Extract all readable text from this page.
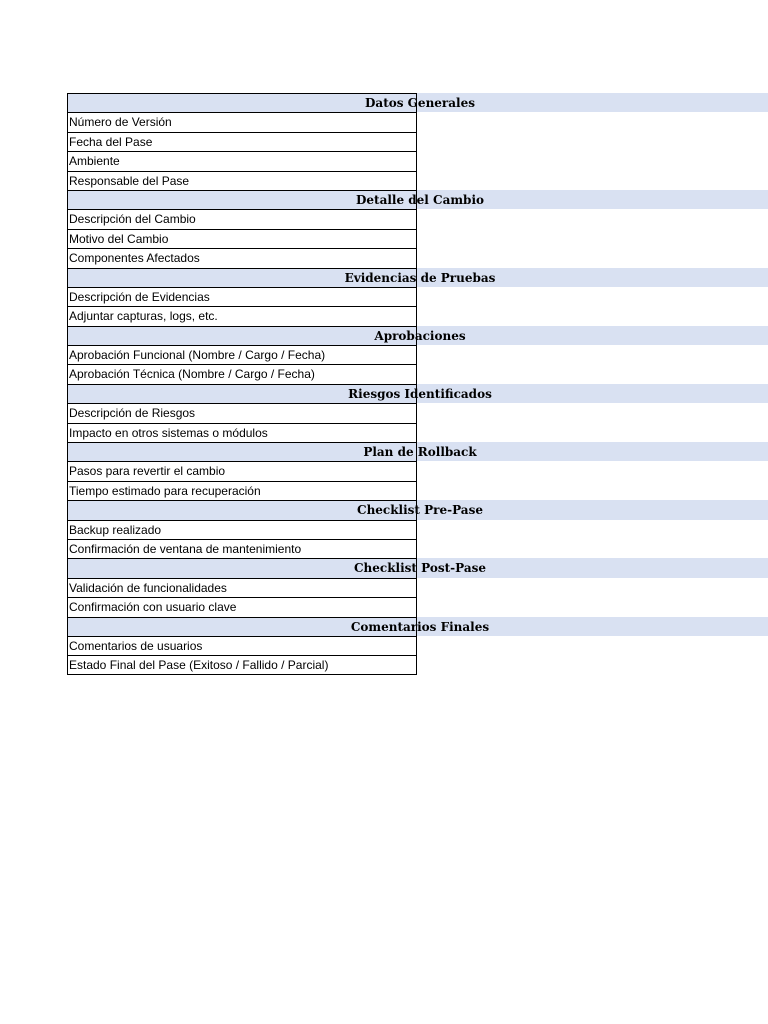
Datos Generales
Número de Versión
Fecha del Pase
Ambiente
Responsable del Pase
Detalle del Cambio
Descripción del Cambio
Motivo del Cambio
Componentes Afectados
Evidencias de Pruebas
Descripción de Evidencias
Adjuntar capturas, logs, etc.
Aprobaciones
Aprobación Funcional (Nombre / Cargo / Fecha)
Aprobación Técnica (Nombre / Cargo / Fecha)
Riesgos Identificados
Descripción de Riesgos
Impacto en otros sistemas o módulos
Plan de Rollback
Pasos para revertir el cambio
Tiempo estimado para recuperación
Checklist Pre-Pase
Backup realizado
Confirmación de ventana de mantenimiento
Checklist Post-Pase
Validación de funcionalidades
Confirmación con usuario clave
Comentarios Finales
Comentarios de usuarios
Estado Final del Pase (Exitoso / Fallido / Parcial)
